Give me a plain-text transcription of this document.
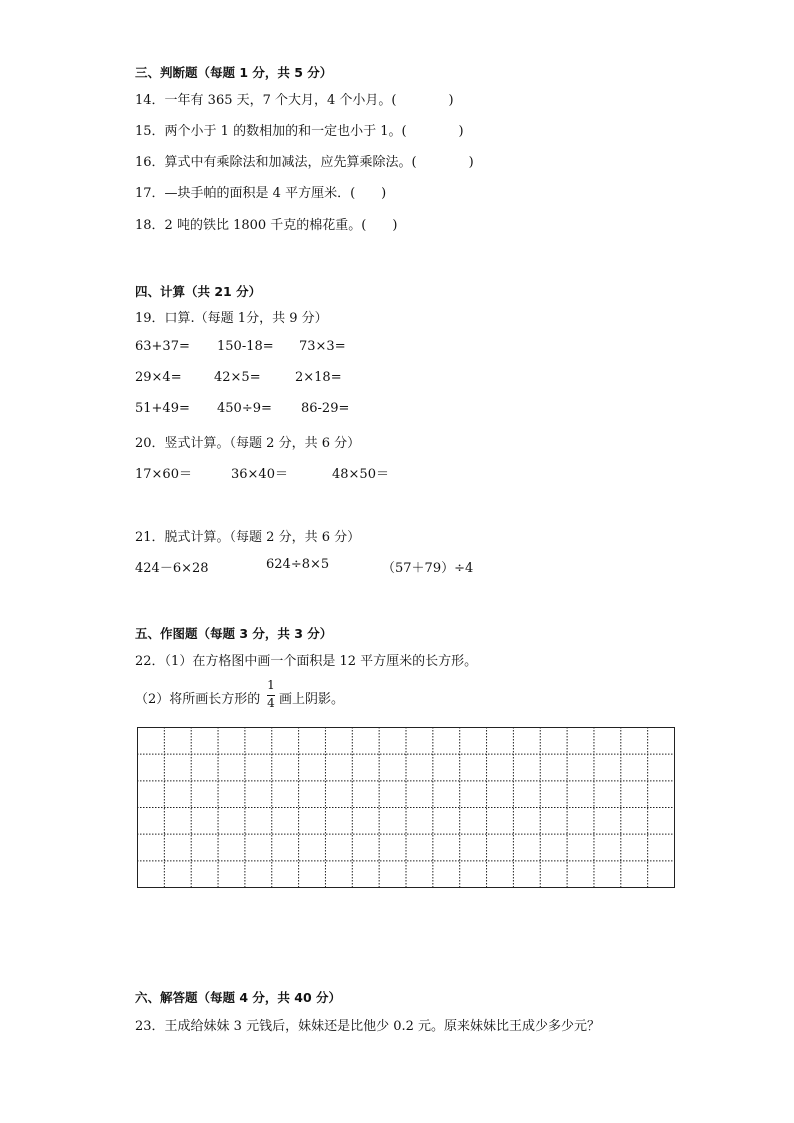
三、判断题（每题 1 分，共 5 分）
14．一年有 365 天，7 个大月，4 个小月。(　　　　)
15．两个小于 1 的数相加的和一定也小于 1。(　　　　)
16．算式中有乘除法和加减法，应先算乘除法。(　　　　)
17．—块手帕的面积是 4 平方厘米．(　　)
18．2 吨的铁比 1800 千克的棉花重。(　　)
四、计算（共 21 分）
19．口算.（每题 1分，共 9 分）
63+37= 150-18= 73×3=
29×4= 42×5=	2×18=
51+49= 450÷9= 86-29=
20．竖式计算。（每题 2 分，共 6 分）
17×60＝	36×40＝	48×50＝
21．脱式计算。（每题 2 分，共 6 分）
424－6×28	624÷8×5	（57＋79）÷4
五、作图题（每题 3 分，共 3 分）
22．（1）在方格图中画一个面积是 12 平方厘米的长方形。
（2）将所画长方形的
1
4 画上阴影。
六、解答题（每题 4 分，共 40 分）
23．王成给妹妹 3 元钱后，妹妹还是比他少 0.2 元。原来妹妹比王成少多少元？
